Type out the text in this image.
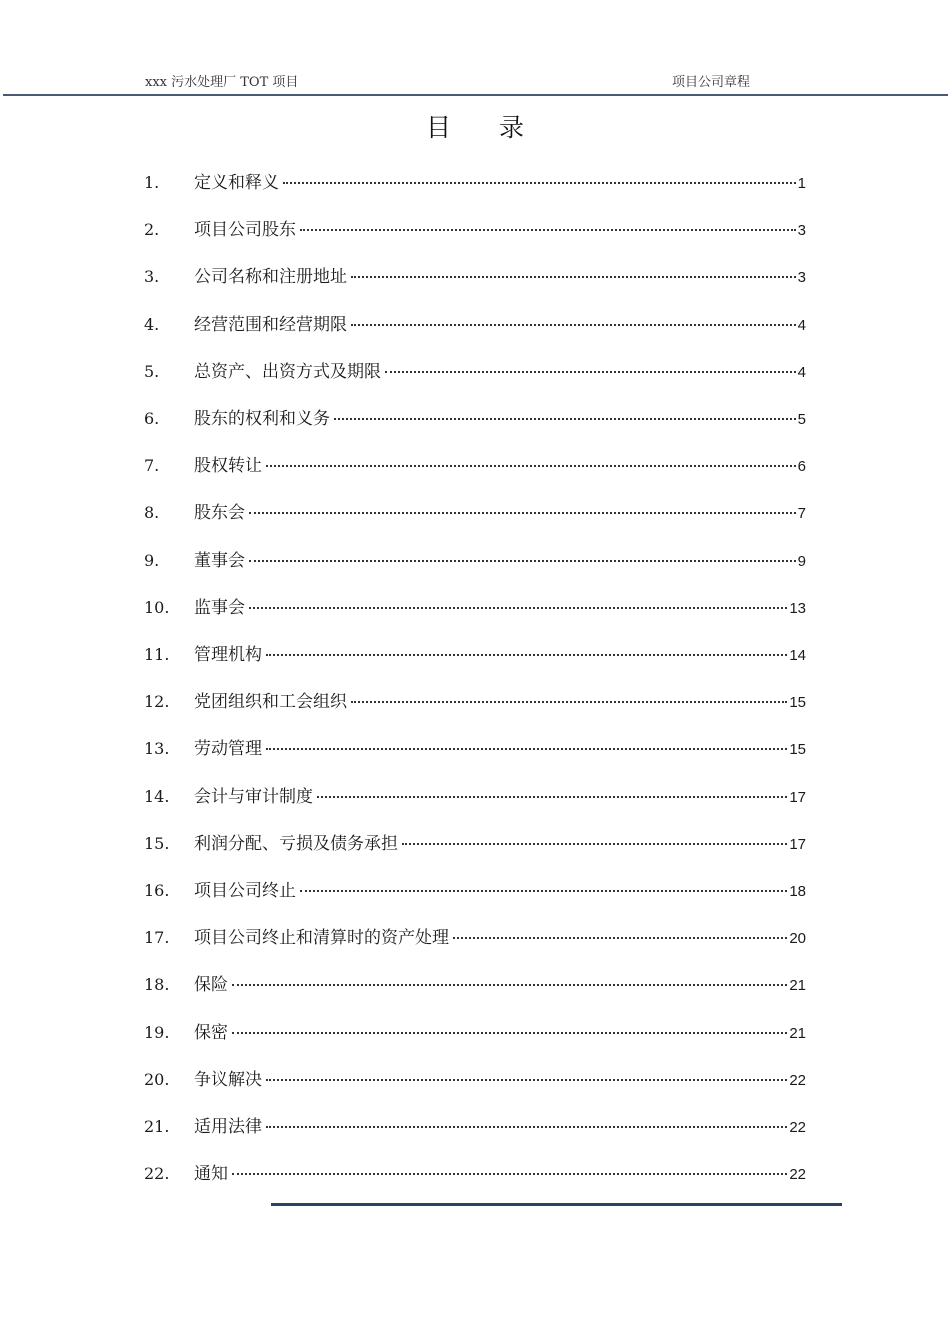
xxx 污水处理厂 TOT 项目	项目公司章程
目 录
1.	定义和释义	1
2.	项目公司股东	3
3.	公司名称和注册地址	3
4.	经营范围和经营期限	4
5.	总资产、出资方式及期限	4
6.	股东的权利和义务	5
7.	股权转让	6
8.	股东会	7
9.	董事会	9
10.	监事会	13
11.	管理机构	14
12.	党团组织和工会组织	15
13.	劳动管理	15
14.	会计与审计制度	17
15.	利润分配、亏损及债务承担	17
16.	项目公司终止	18
17.	项目公司终止和清算时的资产处理	20
18.	保险	21
19.	保密	21
20.	争议解决	22
21.	适用法律	22
22.	通知	22
